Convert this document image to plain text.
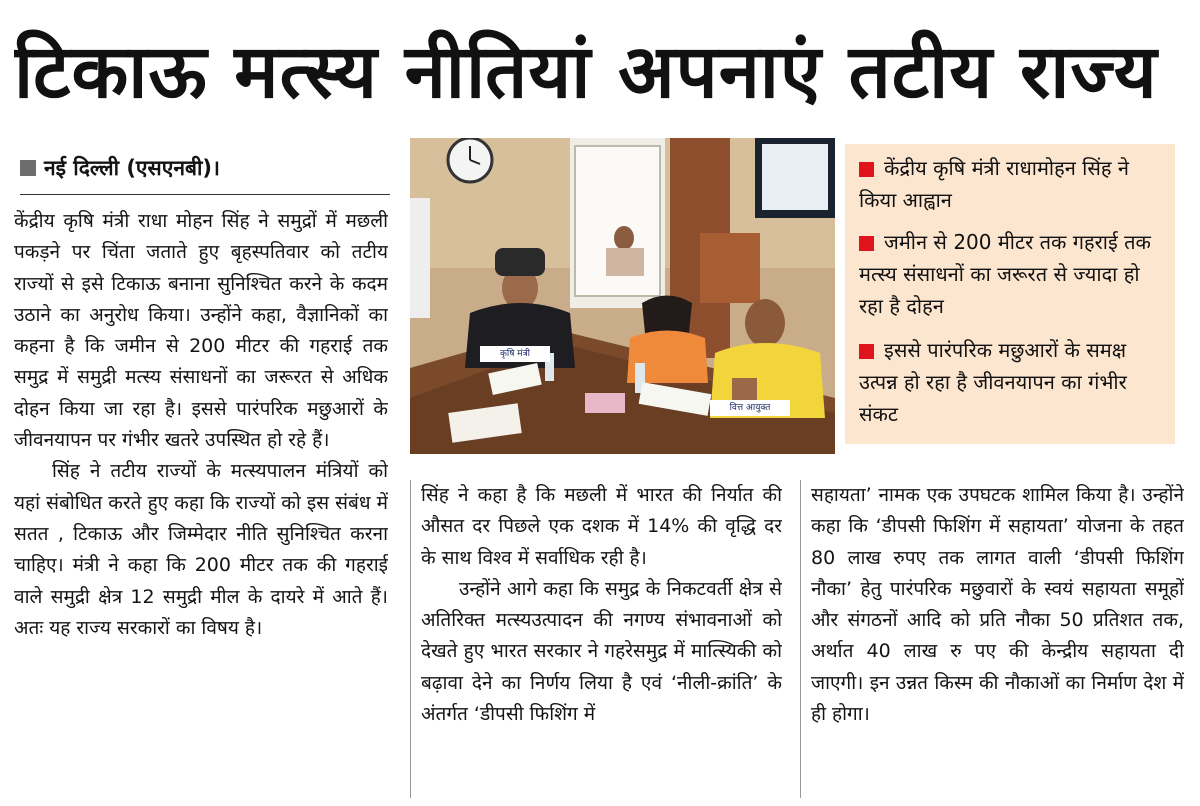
टिकाऊ मत्स्य नीतियां अपनाएं तटीय राज्य
नई दिल्ली (एसएनबी)।

केंद्रीय कृषि मंत्री राधा मोहन सिंह ने समुद्रों में मछली पकड़ने पर चिंता जताते हुए बृहस्पतिवार को तटीय राज्यों से इसे टिकाऊ बनाना सुनिश्चित करने के कदम उठाने का अनुरोध किया। उन्होंने कहा, वैज्ञानिकों का कहना है कि जमीन से 200 मीटर की गहराई तक समुद्र में समुद्री मत्स्य संसाधनों का जरूरत से अधिक दोहन किया जा रहा है। इससे पारंपरिक मछुआरों के जीवनयापन पर गंभीर खतरे उपस्थित हो रहे हैं।

सिंह ने तटीय राज्यों के मत्स्यपालन मंत्रियों को यहां संबोधित करते हुए कहा कि राज्यों को इस संबंध में सतत , टिकाऊ और जिम्मेदार नीति सुनिश्चित करना चाहिए। मंत्री ने कहा कि 200 मीटर तक की गहराई वाले समुद्री क्षेत्र 12 समुद्री मील के दायरे में आते हैं। अतः यह राज्य सरकारों का विषय है।

कृषि मंत्री
वित्त आयुक्त
केंद्रीय कृषि मंत्री राधामोहन सिंह ने किया आह्वान
जमीन से 200 मीटर तक गहराई तक मत्स्य संसाधनों का जरूरत से ज्यादा हो रहा है दोहन
इससे पारंपरिक मछुआरों के समक्ष उत्पन्न हो रहा है जीवनयापन का गंभीर संकट

सिंह ने कहा है कि मछली में भारत की निर्यात की औसत दर पिछले एक दशक में 14% की वृद्धि दर के साथ विश्व में सर्वाधिक रही है।

उन्होंने आगे कहा कि समुद्र के निकटवर्ती क्षेत्र से अतिरिक्त मत्स्यउत्पादन की नगण्य संभावनाओं को देखते हुए भारत सरकार ने गहरेसमुद्र में मात्स्यिकी को बढ़ावा देने का निर्णय लिया है एवं ‘नीली-क्रांति’ के अंतर्गत ‘डीपसी फिशिंग में

सहायता’ नामक एक उपघटक शामिल किया है। उन्होंने कहा कि ‘डीपसी फिशिंग में सहायता’ योजना के तहत 80 लाख रुपए तक लागत वाली ‘डीपसी फिशिंग नौका’ हेतु पारंपरिक मछुवारों के स्वयं सहायता समूहों और संगठनों आदि को प्रति नौका 50 प्रतिशत तक, अर्थात 40 लाख रु पए की केन्द्रीय सहायता दी जाएगी। इन उन्नत किस्म की नौकाओं का निर्माण देश में ही होगा।
